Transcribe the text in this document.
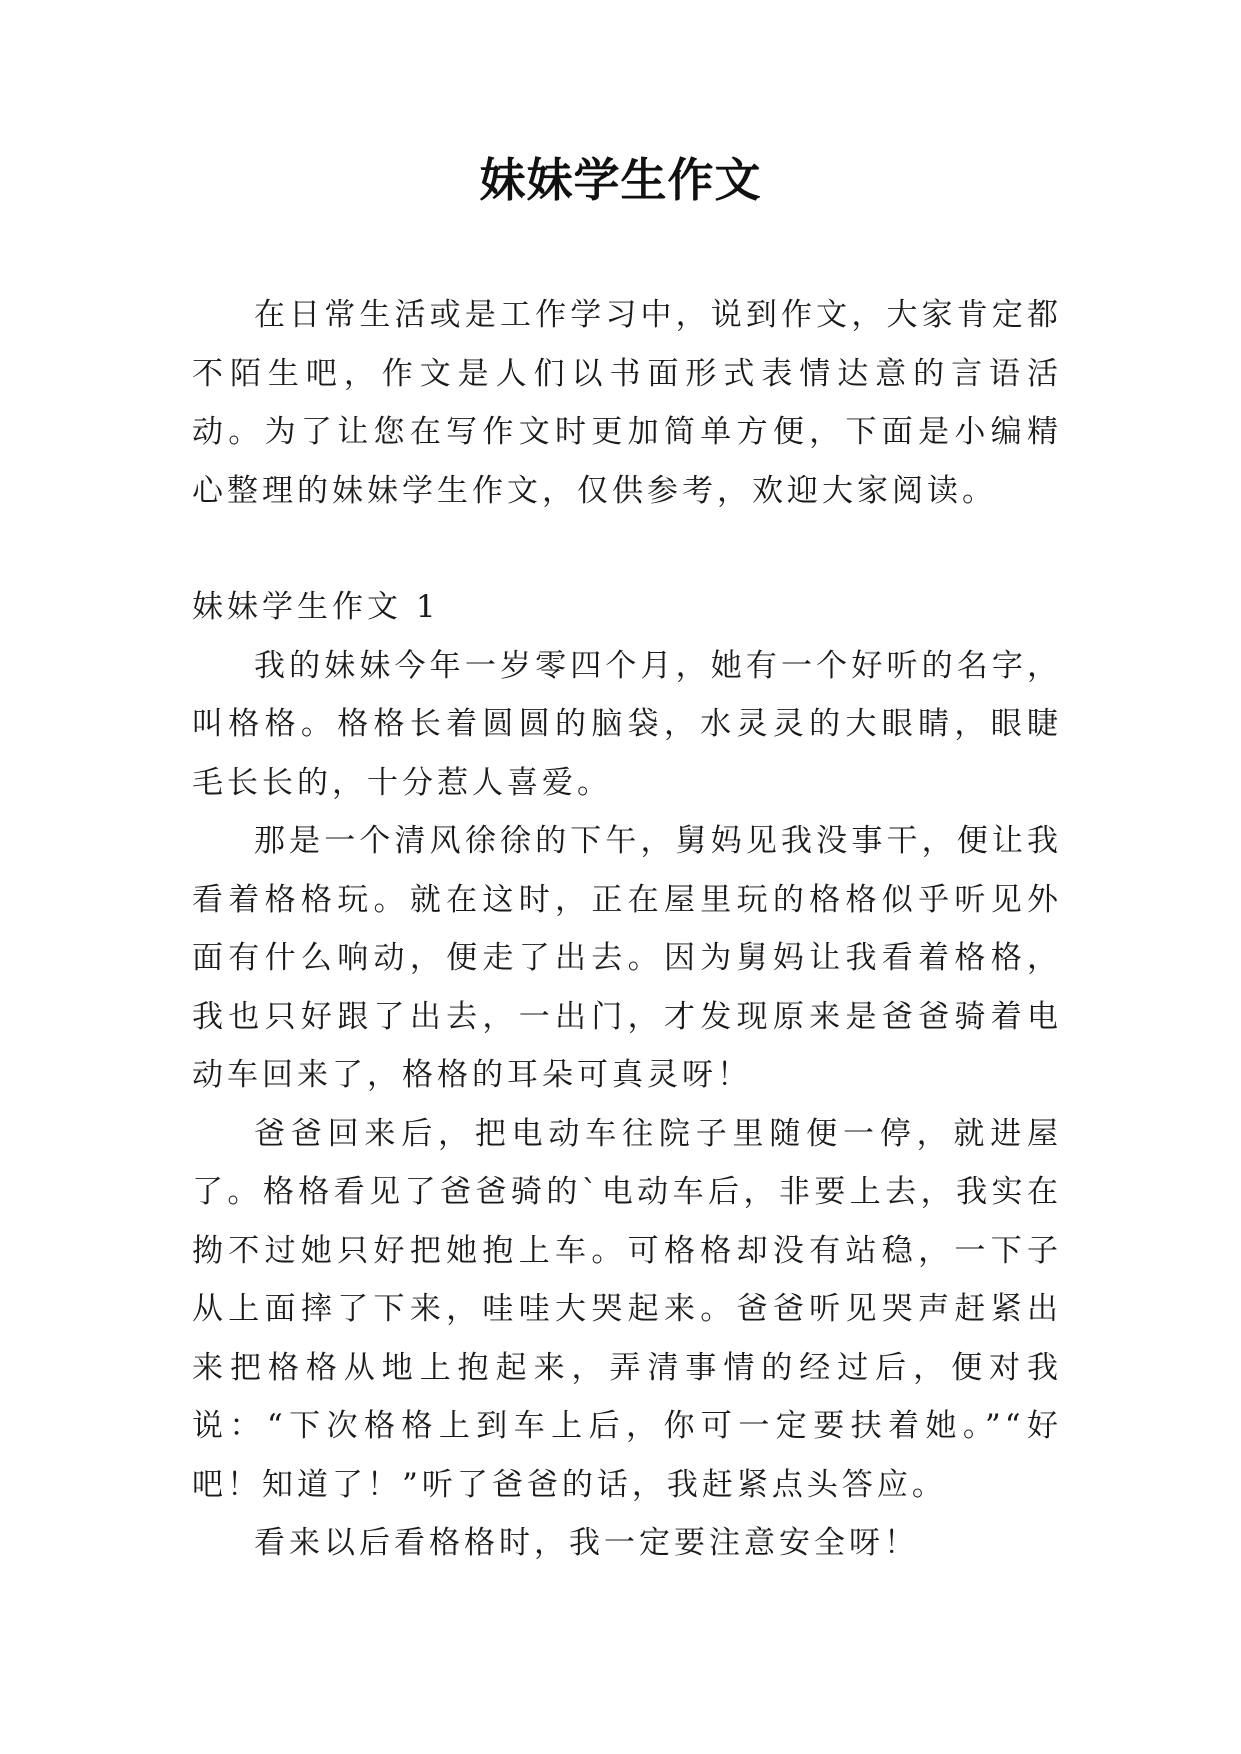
妹妹学生作文

在日常生活或是工作学习中，说到作文，大家肯定都不陌生吧，作文是人们以书面形式表情达意的言语活动。为了让您在写作文时更加简单方便，下面是小编精心整理的妹妹学生作文，仅供参考，欢迎大家阅读。

妹妹学生作文 1

我的妹妹今年一岁零四个月，她有一个好听的名字，叫格格。格格长着圆圆的脑袋，水灵灵的大眼睛，眼睫毛长长的，十分惹人喜爱。

那是一个清风徐徐的下午，舅妈见我没事干，便让我看着格格玩。就在这时，正在屋里玩的格格似乎听见外面有什么响动，便走了出去。因为舅妈让我看着格格，我也只好跟了出去，一出门，才发现原来是爸爸骑着电动车回来了，格格的耳朵可真灵呀！

爸爸回来后，把电动车往院子里随便一停，就进屋了。格格看见了爸爸骑的`电动车后，非要上去，我实在拗不过她只好把她抱上车。可格格却没有站稳，一下子从上面摔了下来，哇哇大哭起来。爸爸听见哭声赶紧出来把格格从地上抱起来，弄清事情的经过后，便对我说：“下次格格上到车上后，你可一定要扶着她。”“好吧！知道了！”听了爸爸的话，我赶紧点头答应。

看来以后看格格时，我一定要注意安全呀！
